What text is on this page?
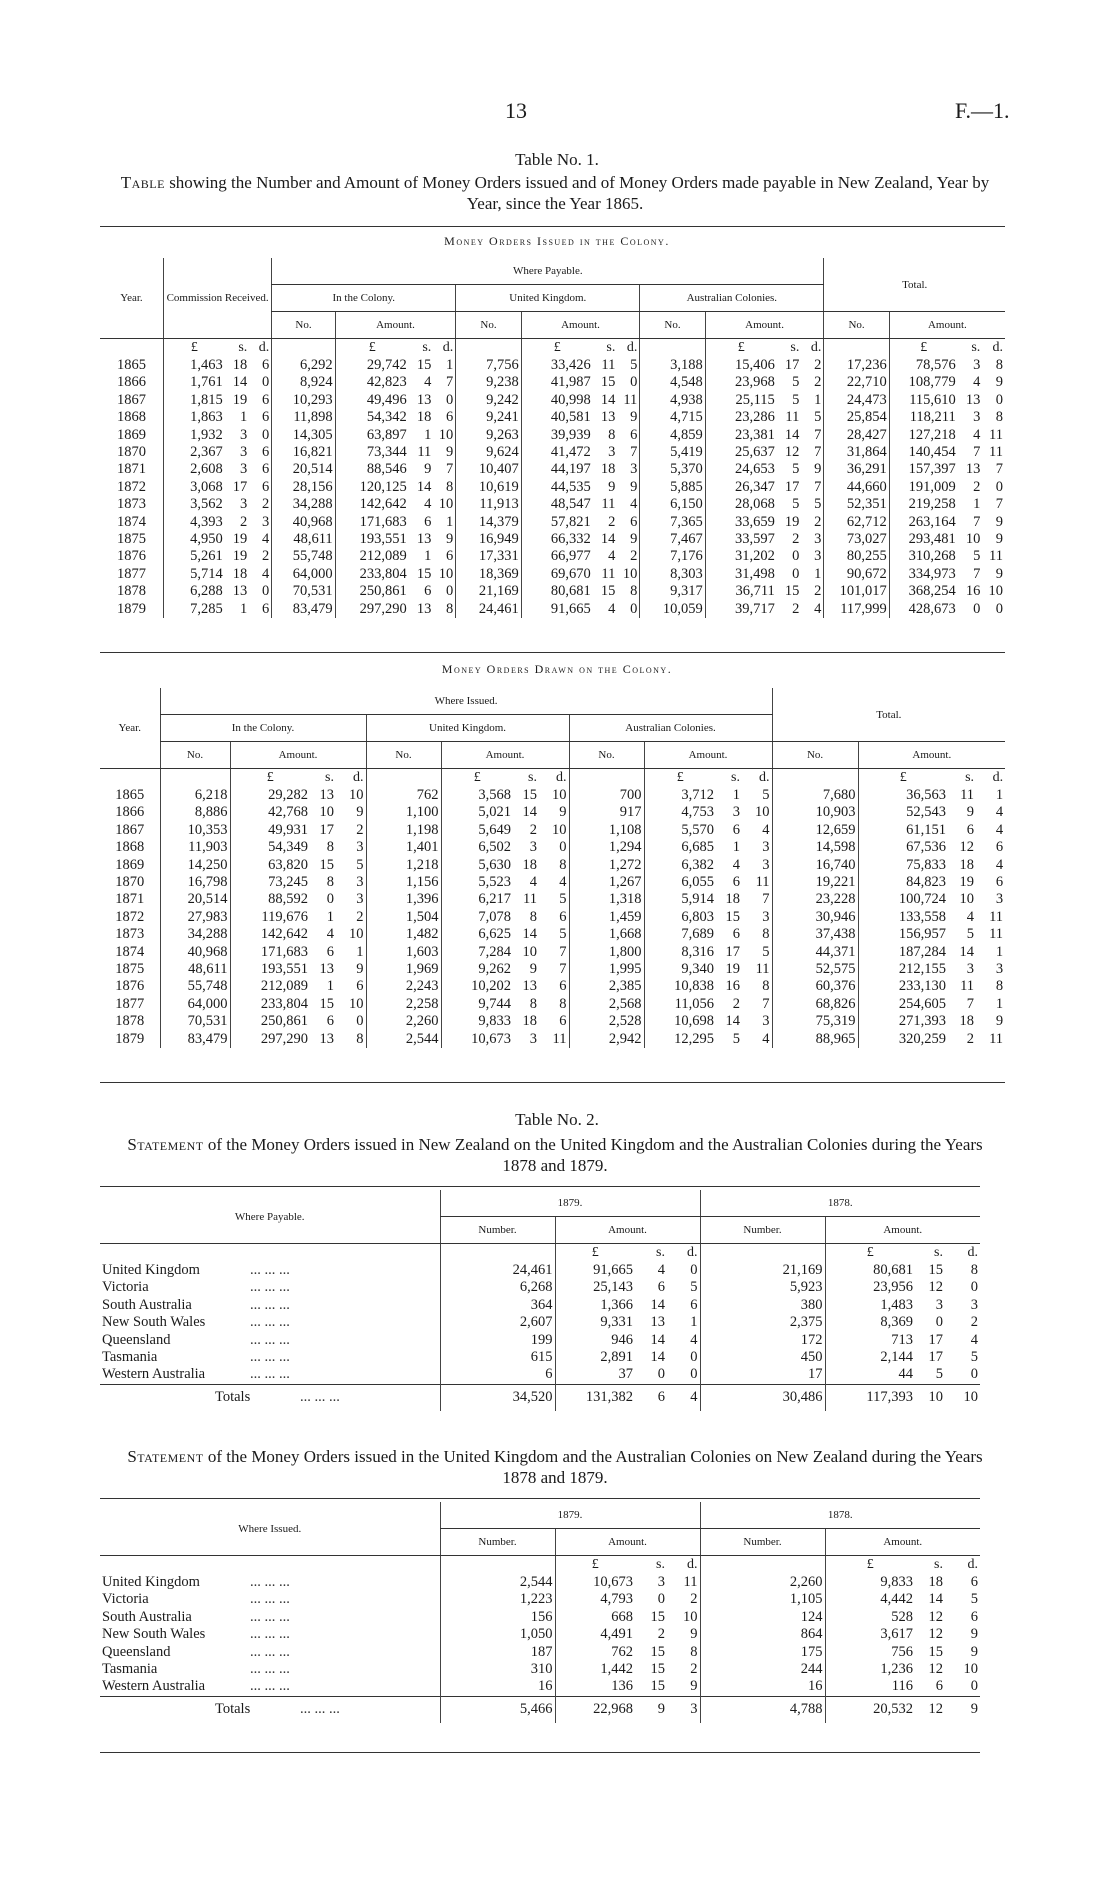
13	F.—1.
Table No. 1.
Table showing the Number and Amount of Money Orders issued and of Money Orders made payable in New Zealand, Year by Year, since the Year 1865.
Money Orders Issued in the Colony.
Year.	Commission Received.			Where Payable.												Total.			
				In the Colony.				United Kingdom.				Australian Colonies.							
				No.	Amount.			No.	Amount.			No.	Amount.			No.	Amount.		
	£	s.	d.		£	s.	d.		£	s.	d.		£	s.	d.		£	s.	d.
1865	1,463	18	6	6,292	29,742	15	1	7,756	33,426	11	5	3,188	15,406	17	2	17,236	78,576	3	8
1866	1,761	14	0	8,924	42,823	4	7	9,238	41,987	15	0	4,548	23,968	5	2	22,710	108,779	4	9
1867	1,815	19	6	10,293	49,496	13	0	9,242	40,998	14	11	4,938	25,115	5	1	24,473	115,610	13	0
1868	1,863	1	6	11,898	54,342	18	6	9,241	40,581	13	9	4,715	23,286	11	5	25,854	118,211	3	8
1869	1,932	3	0	14,305	63,897	1	10	9,263	39,939	8	6	4,859	23,381	14	7	28,427	127,218	4	11
1870	2,367	3	6	16,821	73,344	11	9	9,624	41,472	3	7	5,419	25,637	12	7	31,864	140,454	7	11
1871	2,608	3	6	20,514	88,546	9	7	10,407	44,197	18	3	5,370	24,653	5	9	36,291	157,397	13	7
1872	3,068	17	6	28,156	120,125	14	8	10,619	44,535	9	9	5,885	26,347	17	7	44,660	191,009	2	0
1873	3,562	3	2	34,288	142,642	4	10	11,913	48,547	11	4	6,150	28,068	5	5	52,351	219,258	1	7
1874	4,393	2	3	40,968	171,683	6	1	14,379	57,821	2	6	7,365	33,659	19	2	62,712	263,164	7	9
1875	4,950	19	4	48,611	193,551	13	9	16,949	66,332	14	9	7,467	33,597	2	3	73,027	293,481	10	9
1876	5,261	19	2	55,748	212,089	1	6	17,331	66,977	4	2	7,176	31,202	0	3	80,255	310,268	5	11
1877	5,714	18	4	64,000	233,804	15	10	18,369	69,670	11	10	8,303	31,498	0	1	90,672	334,973	7	9
1878	6,288	13	0	70,531	250,861	6	0	21,169	80,681	15	8	9,317	36,711	15	2	101,017	368,254	16	10
1879	7,285	1	6	83,479	297,290	13	8	24,461	91,665	4	0	10,059	39,717	2	4	117,999	428,673	0	0
Money Orders Drawn on the Colony.
Year.	Where Issued.												Total.			
	In the Colony.				United Kingdom.				Australian Colonies.							
	No.	Amount.			No.	Amount.			No.	Amount.			No.	Amount.		
		£	s.	d.		£	s.	d.		£	s.	d.		£	s.	d.
1865	6,218	29,282	13	10	762	3,568	15	10	700	3,712	1	5	7,680	36,563	11	1
1866	8,886	42,768	10	9	1,100	5,021	14	9	917	4,753	3	10	10,903	52,543	9	4
1867	10,353	49,931	17	2	1,198	5,649	2	10	1,108	5,570	6	4	12,659	61,151	6	4
1868	11,903	54,349	8	3	1,401	6,502	3	0	1,294	6,685	1	3	14,598	67,536	12	6
1869	14,250	63,820	15	5	1,218	5,630	18	8	1,272	6,382	4	3	16,740	75,833	18	4
1870	16,798	73,245	8	3	1,156	5,523	4	4	1,267	6,055	6	11	19,221	84,823	19	6
1871	20,514	88,592	0	3	1,396	6,217	11	5	1,318	5,914	18	7	23,228	100,724	10	3
1872	27,983	119,676	1	2	1,504	7,078	8	6	1,459	6,803	15	3	30,946	133,558	4	11
1873	34,288	142,642	4	10	1,482	6,625	14	5	1,668	7,689	6	8	37,438	156,957	5	11
1874	40,968	171,683	6	1	1,603	7,284	10	7	1,800	8,316	17	5	44,371	187,284	14	1
1875	48,611	193,551	13	9	1,969	9,262	9	7	1,995	9,340	19	11	52,575	212,155	3	3
1876	55,748	212,089	1	6	2,243	10,202	13	6	2,385	10,838	16	8	60,376	233,130	11	8
1877	64,000	233,804	15	10	2,258	9,744	8	8	2,568	11,056	2	7	68,826	254,605	7	1
1878	70,531	250,861	6	0	2,260	9,833	18	6	2,528	10,698	14	3	75,319	271,393	18	9
1879	83,479	297,290	13	8	2,544	10,673	3	11	2,942	12,295	5	4	88,965	320,259	2	11
Table No. 2.
Statement of the Money Orders issued in New Zealand on the United Kingdom and the Australian Colonies during the Years 1878 and 1879.
Where Payable.	1879.				1878.			
	Number.	Amount.			Number.	Amount.		
		£	s.	d.		£	s.	d.
United Kingdom ... ... ...	24,461	91,665	4	0	21,169	80,681	15	8
Victoria ... ... ...	6,268	25,143	6	5	5,923	23,956	12	0
South Australia ... ... ...	364	1,366	14	6	380	1,483	3	3
New South Wales ... ... ...	2,607	9,331	13	1	2,375	8,369	0	2
Queensland ... ... ...	199	946	14	4	172	713	17	4
Tasmania ... ... ...	615	2,891	14	0	450	2,144	17	5
Western Australia ... ... ...	6	37	0	0	17	44	5	0

Totals ... ... ...	34,520	131,382	6	4	30,486	117,393	10	10
Statement of the Money Orders issued in the United Kingdom and the Australian Colonies on New Zealand during the Years 1878 and 1879.
Where Issued.	1879.				1878.			
	Number.	Amount.			Number.	Amount.		
		£	s.	d.		£	s.	d.
United Kingdom ... ... ...	2,544	10,673	3	11	2,260	9,833	18	6
Victoria ... ... ...	1,223	4,793	0	2	1,105	4,442	14	5
South Australia ... ... ...	156	668	15	10	124	528	12	6
New South Wales ... ... ...	1,050	4,491	2	9	864	3,617	12	9
Queensland ... ... ...	187	762	15	8	175	756	15	9
Tasmania ... ... ...	310	1,442	15	2	244	1,236	12	10
Western Australia ... ... ...	16	136	15	9	16	116	6	0

Totals ... ... ...	5,466	22,968	9	3	4,788	20,532	12	9
